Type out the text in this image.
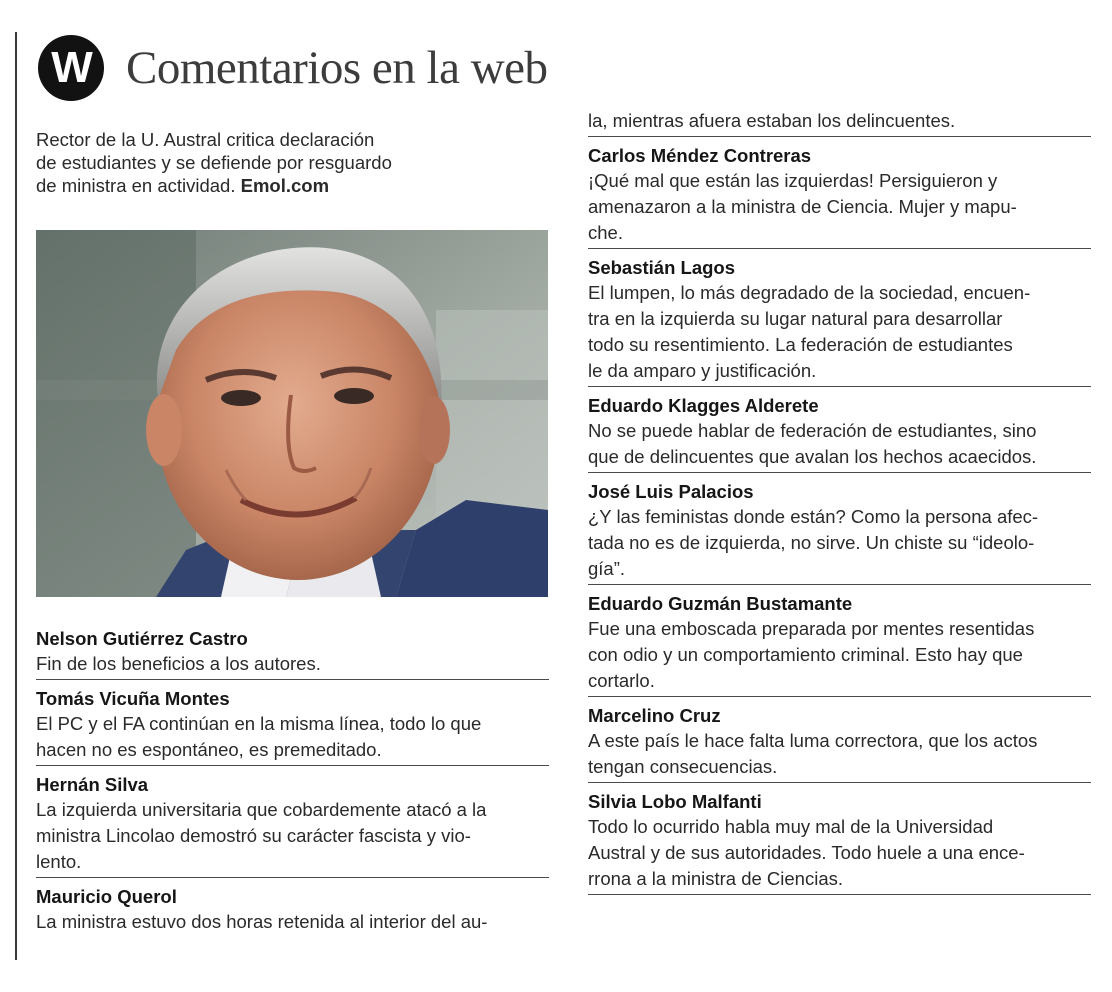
W Comentarios en la web
Rector de la U. Austral critica declaración
de estudiantes y se defiende por resguardo
de ministra en actividad. Emol.com
Nelson Gutiérrez Castro
Fin de los beneficios a los autores.
Tomás Vicuña Montes
El PC y el FA continúan en la misma línea, todo lo que
hacen no es espontáneo, es premeditado.
Hernán Silva
La izquierda universitaria que cobardemente atacó a la
ministra Lincolao demostró su carácter fascista y vio-
lento.
Mauricio Querol
La ministra estuvo dos horas retenida al interior del au-
la, mientras afuera estaban los delincuentes.
Carlos Méndez Contreras
¡Qué mal que están las izquierdas! Persiguieron y
amenazaron a la ministra de Ciencia. Mujer y mapu-
che.
Sebastián Lagos
El lumpen, lo más degradado de la sociedad, encuen-
tra en la izquierda su lugar natural para desarrollar
todo su resentimiento. La federación de estudiantes
le da amparo y justificación.
Eduardo Klagges Alderete
No se puede hablar de federación de estudiantes, sino
que de delincuentes que avalan los hechos acaecidos.
José Luis Palacios
¿Y las feministas donde están? Como la persona afec-
tada no es de izquierda, no sirve. Un chiste su “ideolo-
gía”.
Eduardo Guzmán Bustamante
Fue una emboscada preparada por mentes resentidas
con odio y un comportamiento criminal. Esto hay que
cortarlo.
Marcelino Cruz
A este país le hace falta luma correctora, que los actos
tengan consecuencias.
Silvia Lobo Malfanti
Todo lo ocurrido habla muy mal de la Universidad
Austral y de sus autoridades. Todo huele a una ence-
rrona a la ministra de Ciencias.
